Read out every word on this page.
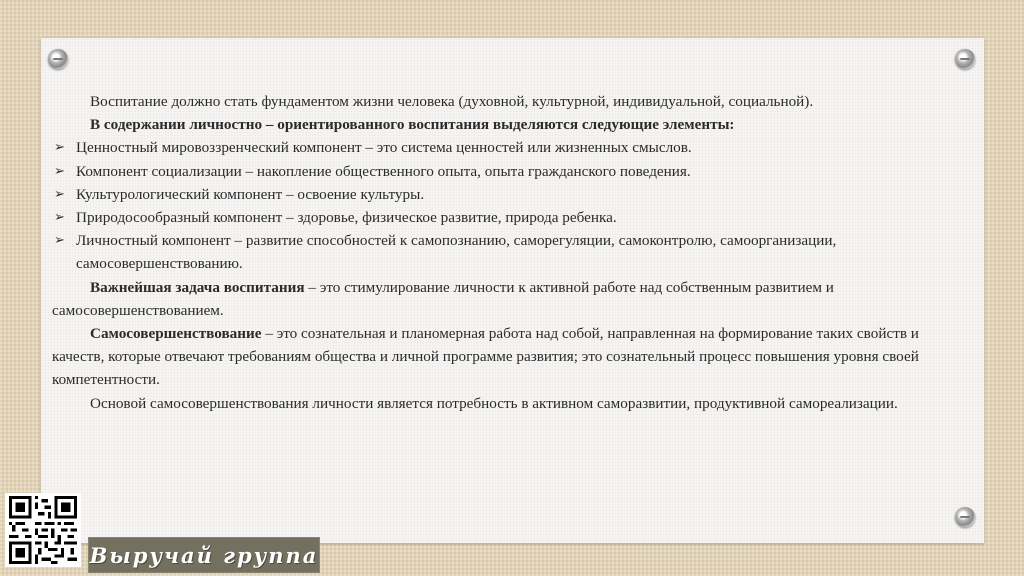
Воспитание должно стать фундаментом жизни человека (духовной, культурной, индивидуальной, социальной).

В содержании личностно – ориентированного воспитания выделяются следующие элементы:

➢ Ценностный мировоззренческий компонент – это система ценностей или жизненных смыслов.
➢ Компонент социализации – накопление общественного опыта, опыта гражданского поведения.
➢ Культурологический компонент – освоение культуры.
➢ Природосообразный компонент – здоровье, физическое развитие, природа ребенка.
➢ Личностный компонент – развитие способностей к самопознанию, саморегуляции, самоконтролю, самоорганизации, самосовершенствованию.

Важнейшая задача воспитания – это стимулирование личности к активной работе над собственным развитием и самосовершенствованием.

Самосовершенствование – это сознательная и планомерная работа над собой, направленная на формирование таких свойств и качеств, которые отвечают требованиям общества и личной программе развития; это сознательный процесс повышения уровня своей компетентности.

Основой самосовершенствования личности является потребность в активном саморазвитии, продуктивной самореализации.

Выручай группа
